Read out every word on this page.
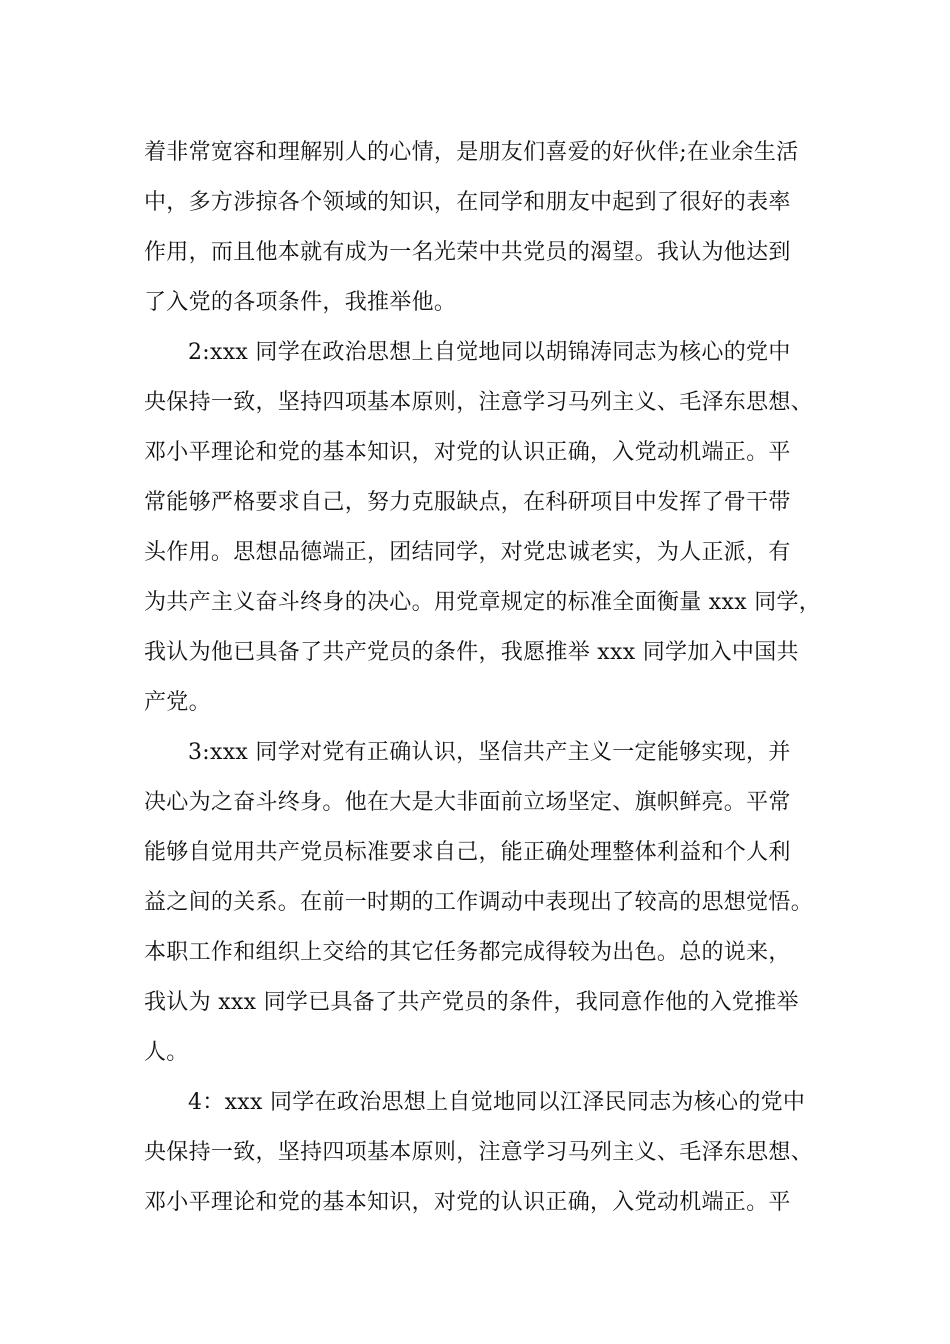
着非常宽容和理解别人的心情，是朋友们喜爱的好伙伴;在业余生活
中，多方涉掠各个领域的知识，在同学和朋友中起到了很好的表率
作用，而且他本就有成为一名光荣中共党员的渴望。我认为他达到
了入党的各项条件，我推举他。
2:xxx 同学在政治思想上自觉地同以胡锦涛同志为核心的党中
央保持一致，坚持四项基本原则，注意学习马列主义、毛泽东思想、
邓小平理论和党的基本知识，对党的认识正确，入党动机端正。平
常能够严格要求自己，努力克服缺点，在科研项目中发挥了骨干带
头作用。思想品德端正，团结同学，对党忠诚老实，为人正派，有
为共产主义奋斗终身的决心。用党章规定的标准全面衡量 xxx 同学，
我认为他已具备了共产党员的条件，我愿推举 xxx 同学加入中国共
产党。
3:xxx 同学对党有正确认识，坚信共产主义一定能够实现，并
决心为之奋斗终身。他在大是大非面前立场坚定、旗帜鲜亮。平常
能够自觉用共产党员标准要求自己，能正确处理整体利益和个人利
益之间的关系。在前一时期的工作调动中表现出了较高的思想觉悟。
本职工作和组织上交给的其它任务都完成得较为出色。总的说来，
我认为 xxx 同学已具备了共产党员的条件，我同意作他的入党推举
人。
4：xxx 同学在政治思想上自觉地同以江泽民同志为核心的党中
央保持一致，坚持四项基本原则，注意学习马列主义、毛泽东思想、
邓小平理论和党的基本知识，对党的认识正确，入党动机端正。平
